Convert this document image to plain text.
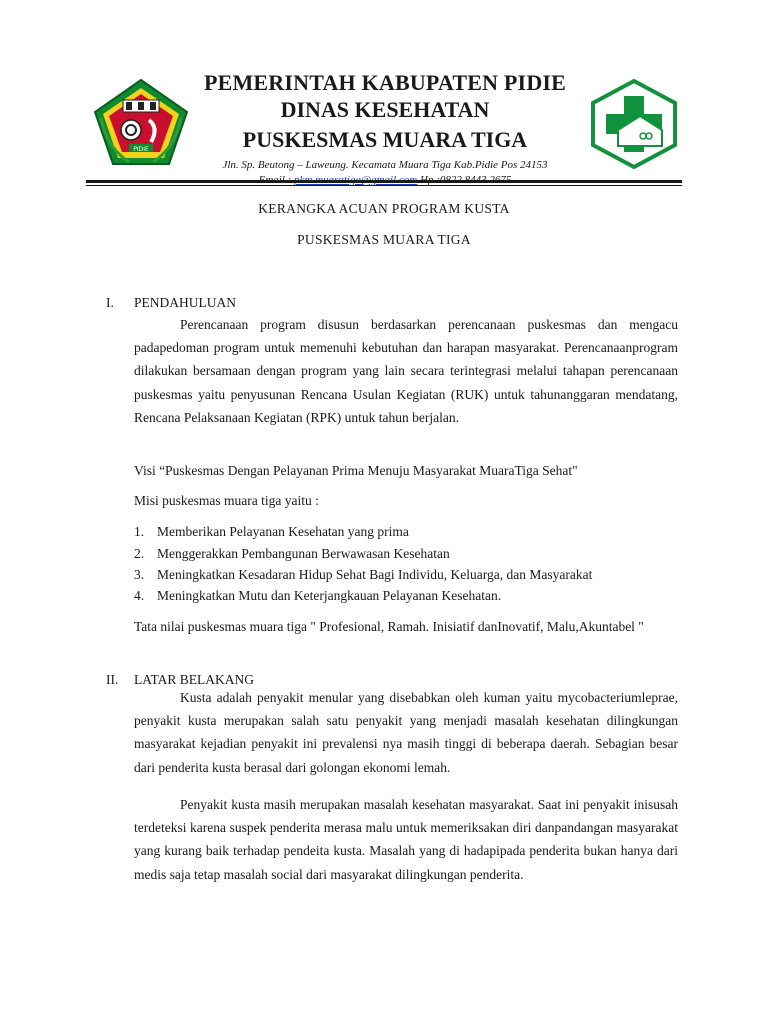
PIDIE
PEMERINTAH KABUPATEN PIDIE
DINAS KESEHATAN
PUSKESMAS MUARA TIGA
Jln. Sp. Beutong – Laweung. Kecamata Muara Tiga Kab.Pidie Pos 24153
KERANGKA ACUAN PROGRAM KUSTA
PUSKESMAS MUARA TIGA
I. PENDAHULUAN
Perencanaan program disusun berdasarkan perencanaan puskesmas dan mengacu padapedoman program untuk memenuhi kebutuhan dan harapan masyarakat. Perencanaanprogram dilakukan bersamaan dengan program yang lain secara terintegrasi melalui tahapan perencanaan puskesmas yaitu penyusunan Rencana Usulan Kegiatan (RUK) untuk tahunanggaran mendatang, Rencana Pelaksanaan Kegiatan (RPK) untuk tahun berjalan.
Visi “Puskesmas Dengan Pelayanan Prima Menuju Masyarakat MuaraTiga Sehat"
Misi puskesmas muara tiga yaitu :
1. Memberikan Pelayanan Kesehatan yang prima
2. Menggerakkan Pembangunan Berwawasan Kesehatan
3. Meningkatkan Kesadaran Hidup Sehat Bagi Individu, Keluarga, dan Masyarakat
4. Meningkatkan Mutu dan Keterjangkauan Pelayanan Kesehatan.
Tata nilai puskesmas muara tiga " Profesional, Ramah. Inisiatif danInovatif, Malu,Akuntabel "
II. LATAR BELAKANG
Kusta adalah penyakit menular yang disebabkan oleh kuman yaitu mycobacteriumleprae, penyakit kusta merupakan salah satu penyakit yang menjadi masalah kesehatan dilingkungan masyarakat kejadian penyakit ini prevalensi nya masih tinggi di beberapa daerah. Sebagian besar dari penderita kusta berasal dari golongan ekonomi lemah.
Penyakit kusta masih merupakan masalah kesehatan masyarakat. Saat ini penyakit inisusah terdeteksi karena suspek penderita merasa malu untuk memeriksakan diri danpandangan masyarakat yang kurang baik terhadap pendeita kusta. Masalah yang di hadapipada penderita bukan hanya dari medis saja tetap masalah social dari masyarakat dilingkungan penderita.
